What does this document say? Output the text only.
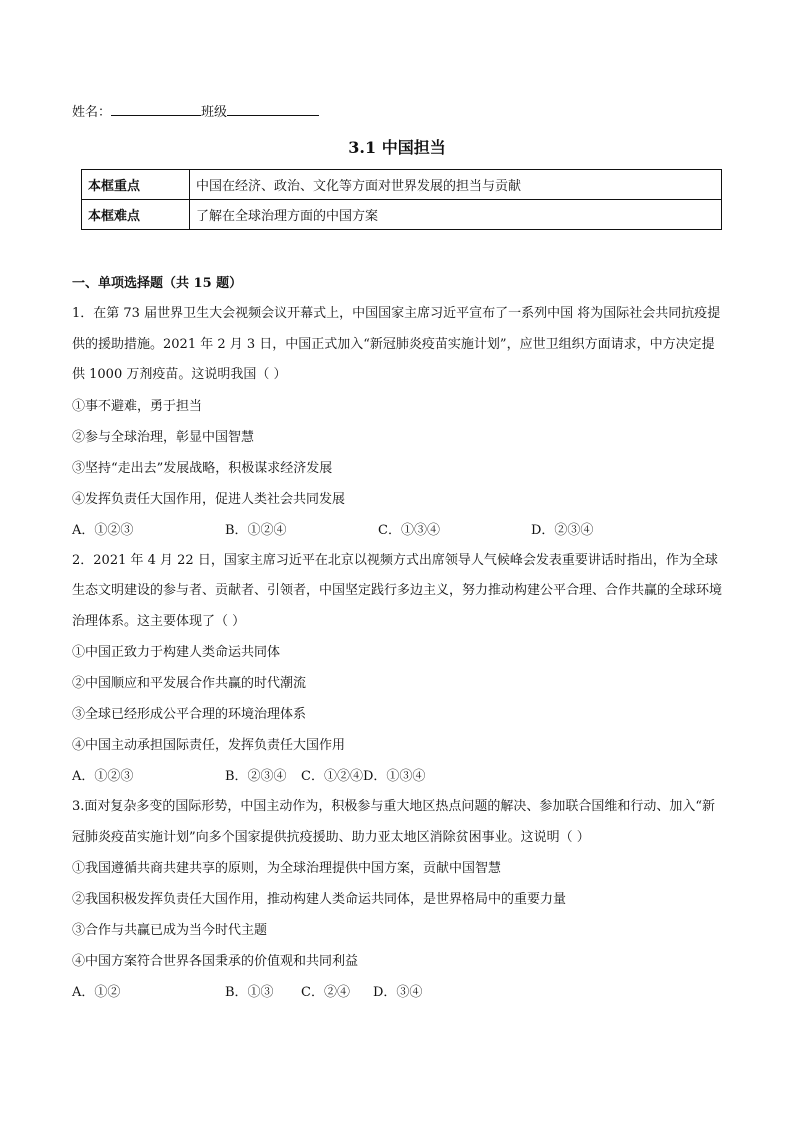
姓名：	班级
3.1 中国担当
本框重点	中国在经济、政治、文化等方面对世界发展的担当与贡献
本框难点	了解在全球治理方面的中国方案
一、单项选择题（共 15 题）
1．在第 73 届世界卫生大会视频会议开幕式上，中国国家主席习近平宣布了一系列中国 将为国际社会共同抗疫提供的援助措施。2021 年 2 月 3 日，中国正式加入“新冠肺炎疫苗实施计划”，应世卫组织方面请求，中方决定提供 1000 万剂疫苗。这说明我国（ ）
①事不避难，勇于担当
②参与全球治理，彰显中国智慧
③坚持“走出去”发展战略，积极谋求经济发展
④发挥负责任大国作用，促进人类社会共同发展
A．①②③	B．①②④	C．①③④	D．②③④
2．2021 年 4 月 22 日，国家主席习近平在北京以视频方式出席领导人气候峰会发表重要讲话时指出，作为全球生态文明建设的参与者、贡献者、引领者，中国坚定践行多边主义，努力推动构建公平合理、合作共赢的全球环境治理体系。这主要体现了（ ）
①中国正致力于构建人类命运共同体
②中国顺应和平发展合作共赢的时代潮流
③全球已经形成公平合理的环境治理体系
④中国主动承担国际责任，发挥负责任大国作用
A．①②③	B．②③④ C．①②④D．①③④
3.面对复杂多变的国际形势，中国主动作为，积极参与重大地区热点问题的解决、参加联合国维和行动、加入“新冠肺炎疫苗实施计划”向多个国家提供抗疫援助、助力亚太地区消除贫困事业。这说明（ ）
①我国遵循共商共建共享的原则，为全球治理提供中国方案，贡献中国智慧
②我国积极发挥负责任大国作用，推动构建人类命运共同体，是世界格局中的重要力量
③合作与共赢已成为当今时代主题
④中国方案符合世界各国秉承的价值观和共同利益
A．①②	B．①③ C．②④ D．③④
